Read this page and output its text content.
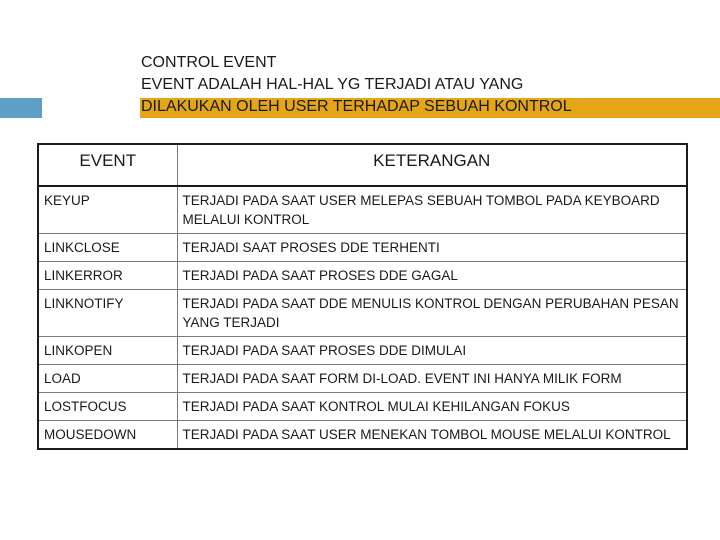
CONTROL EVENT
EVENT ADALAH HAL-HAL YG TERJADI ATAU YANG
DILAKUKAN OLEH USER TERHADAP SEBUAH KONTROL
EVENT	KETERANGAN
KEYUP	TERJADI PADA SAAT USER MELEPAS SEBUAH TOMBOL PADA KEYBOARD MELALUI KONTROL
LINKCLOSE	TERJADI SAAT PROSES DDE TERHENTI
LINKERROR	TERJADI PADA SAAT PROSES DDE GAGAL
LINKNOTIFY	TERJADI PADA SAAT DDE MENULIS KONTROL DENGAN PERUBAHAN PESAN YANG TERJADI
LINKOPEN	TERJADI PADA SAAT PROSES DDE DIMULAI
LOAD	TERJADI PADA SAAT FORM DI-LOAD. EVENT INI HANYA MILIK FORM
LOSTFOCUS	TERJADI PADA SAAT KONTROL MULAI KEHILANGAN FOKUS
MOUSEDOWN	TERJADI PADA SAAT USER MENEKAN TOMBOL MOUSE MELALUI KONTROL
